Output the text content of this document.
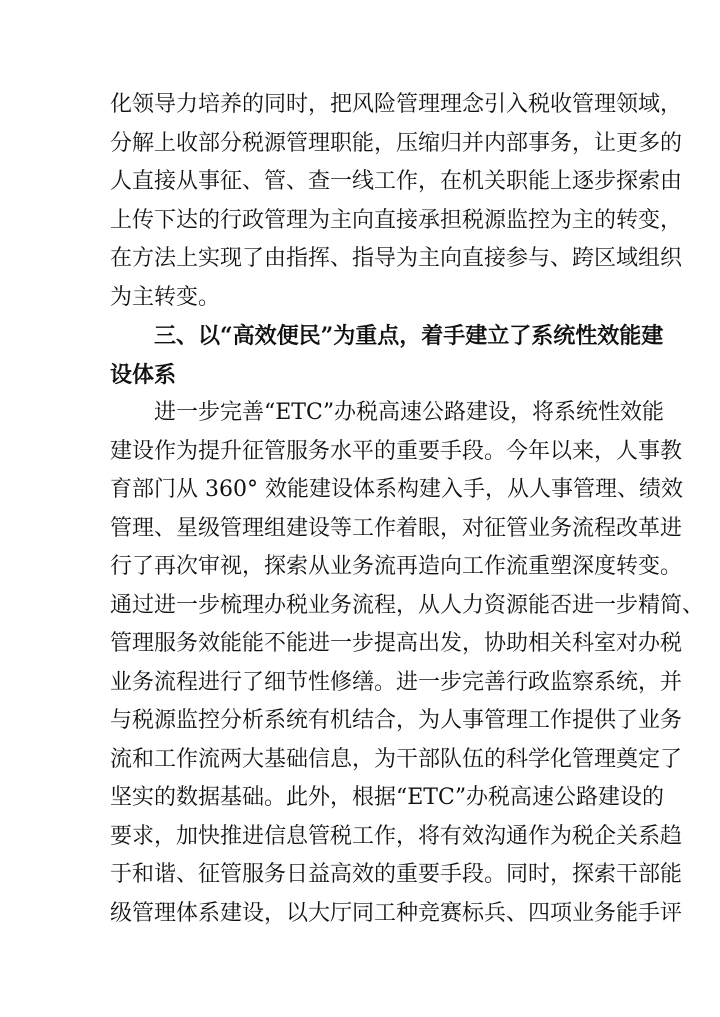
化领导力培养的同时，把风险管理理念引入税收管理领域，
分解上收部分税源管理职能，压缩归并内部事务，让更多的
人直接从事征、管、查一线工作，在机关职能上逐步探索由
上传下达的行政管理为主向直接承担税源监控为主的转变，
在方法上实现了由指挥、指导为主向直接参与、跨区域组织
为主转变。
　　三、以“高效便民”为重点，着手建立了系统性效能建
设体系
　　进一步完善“ETC”办税高速公路建设，将系统性效能
建设作为提升征管服务水平的重要手段。今年以来，人事教
育部门从 360° 效能建设体系构建入手，从人事管理、绩效
管理、星级管理组建设等工作着眼，对征管业务流程改革进
行了再次审视，探索从业务流再造向工作流重塑深度转变。
通过进一步梳理办税业务流程，从人力资源能否进一步精简、
管理服务效能能不能进一步提高出发，协助相关科室对办税
业务流程进行了细节性修缮。进一步完善行政监察系统，并
与税源监控分析系统有机结合，为人事管理工作提供了业务
流和工作流两大基础信息，为干部队伍的科学化管理奠定了
坚实的数据基础。此外，根据“ETC”办税高速公路建设的
要求，加快推进信息管税工作，将有效沟通作为税企关系趋
于和谐、征管服务日益高效的重要手段。同时，探索干部能
级管理体系建设，以大厅同工种竞赛标兵、四项业务能手评
